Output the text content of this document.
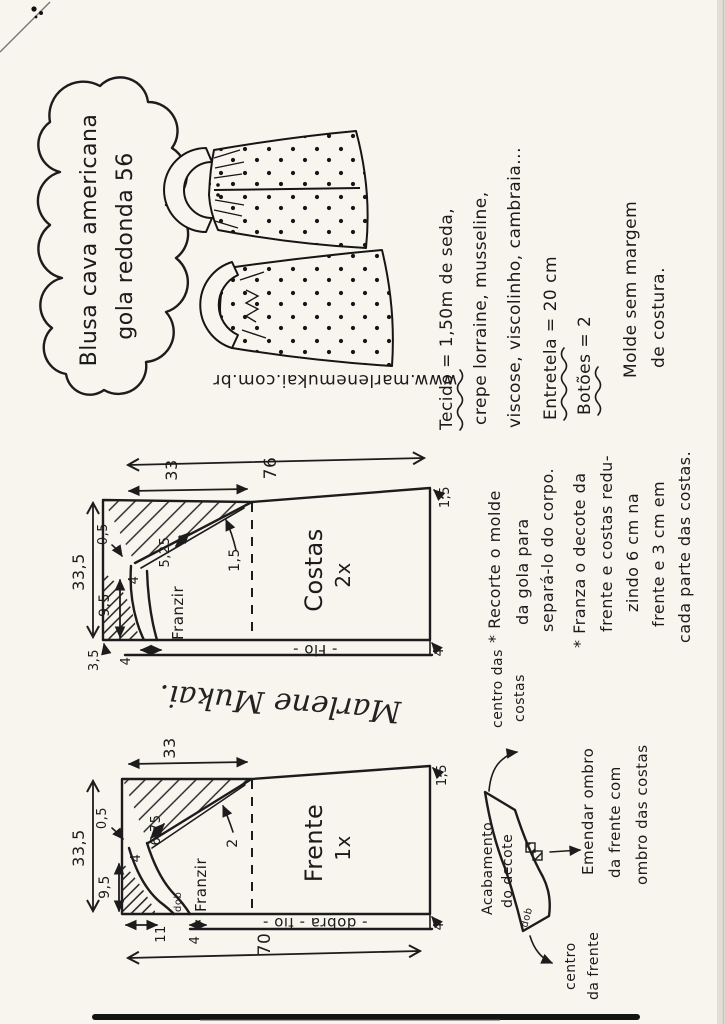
Blusa cava americana gola redonda 56
www.marlenemukai.com.br
Tecido = 1,50m de seda, crepe lorraine, musseline, viscose, viscolinho, cambraia... Entretela = 20 cm Botões = 2 Molde sem margem de costura.
- Fio -
Costas 2x
Franzir
76
33
33,5
0,5
5,25
4
9,5
3,5 4
1,5
1,5
4
Marlene Mukai.
* Recorte o molde da gola para separá-lo do corpo. * Franza o decote da frente e costas redu- zindo 6 cm na frente e 3 cm em cada parte das costas.
- dobra - fio -
Frente 1x
Franzir
dob
70
33
33,5
0,5	6,75
4
9,5
11 4
1,5
2
4
Acabamento do decote
dob
centro das costas
Emendar ombro da frente com ombro das costas
centro da frente
